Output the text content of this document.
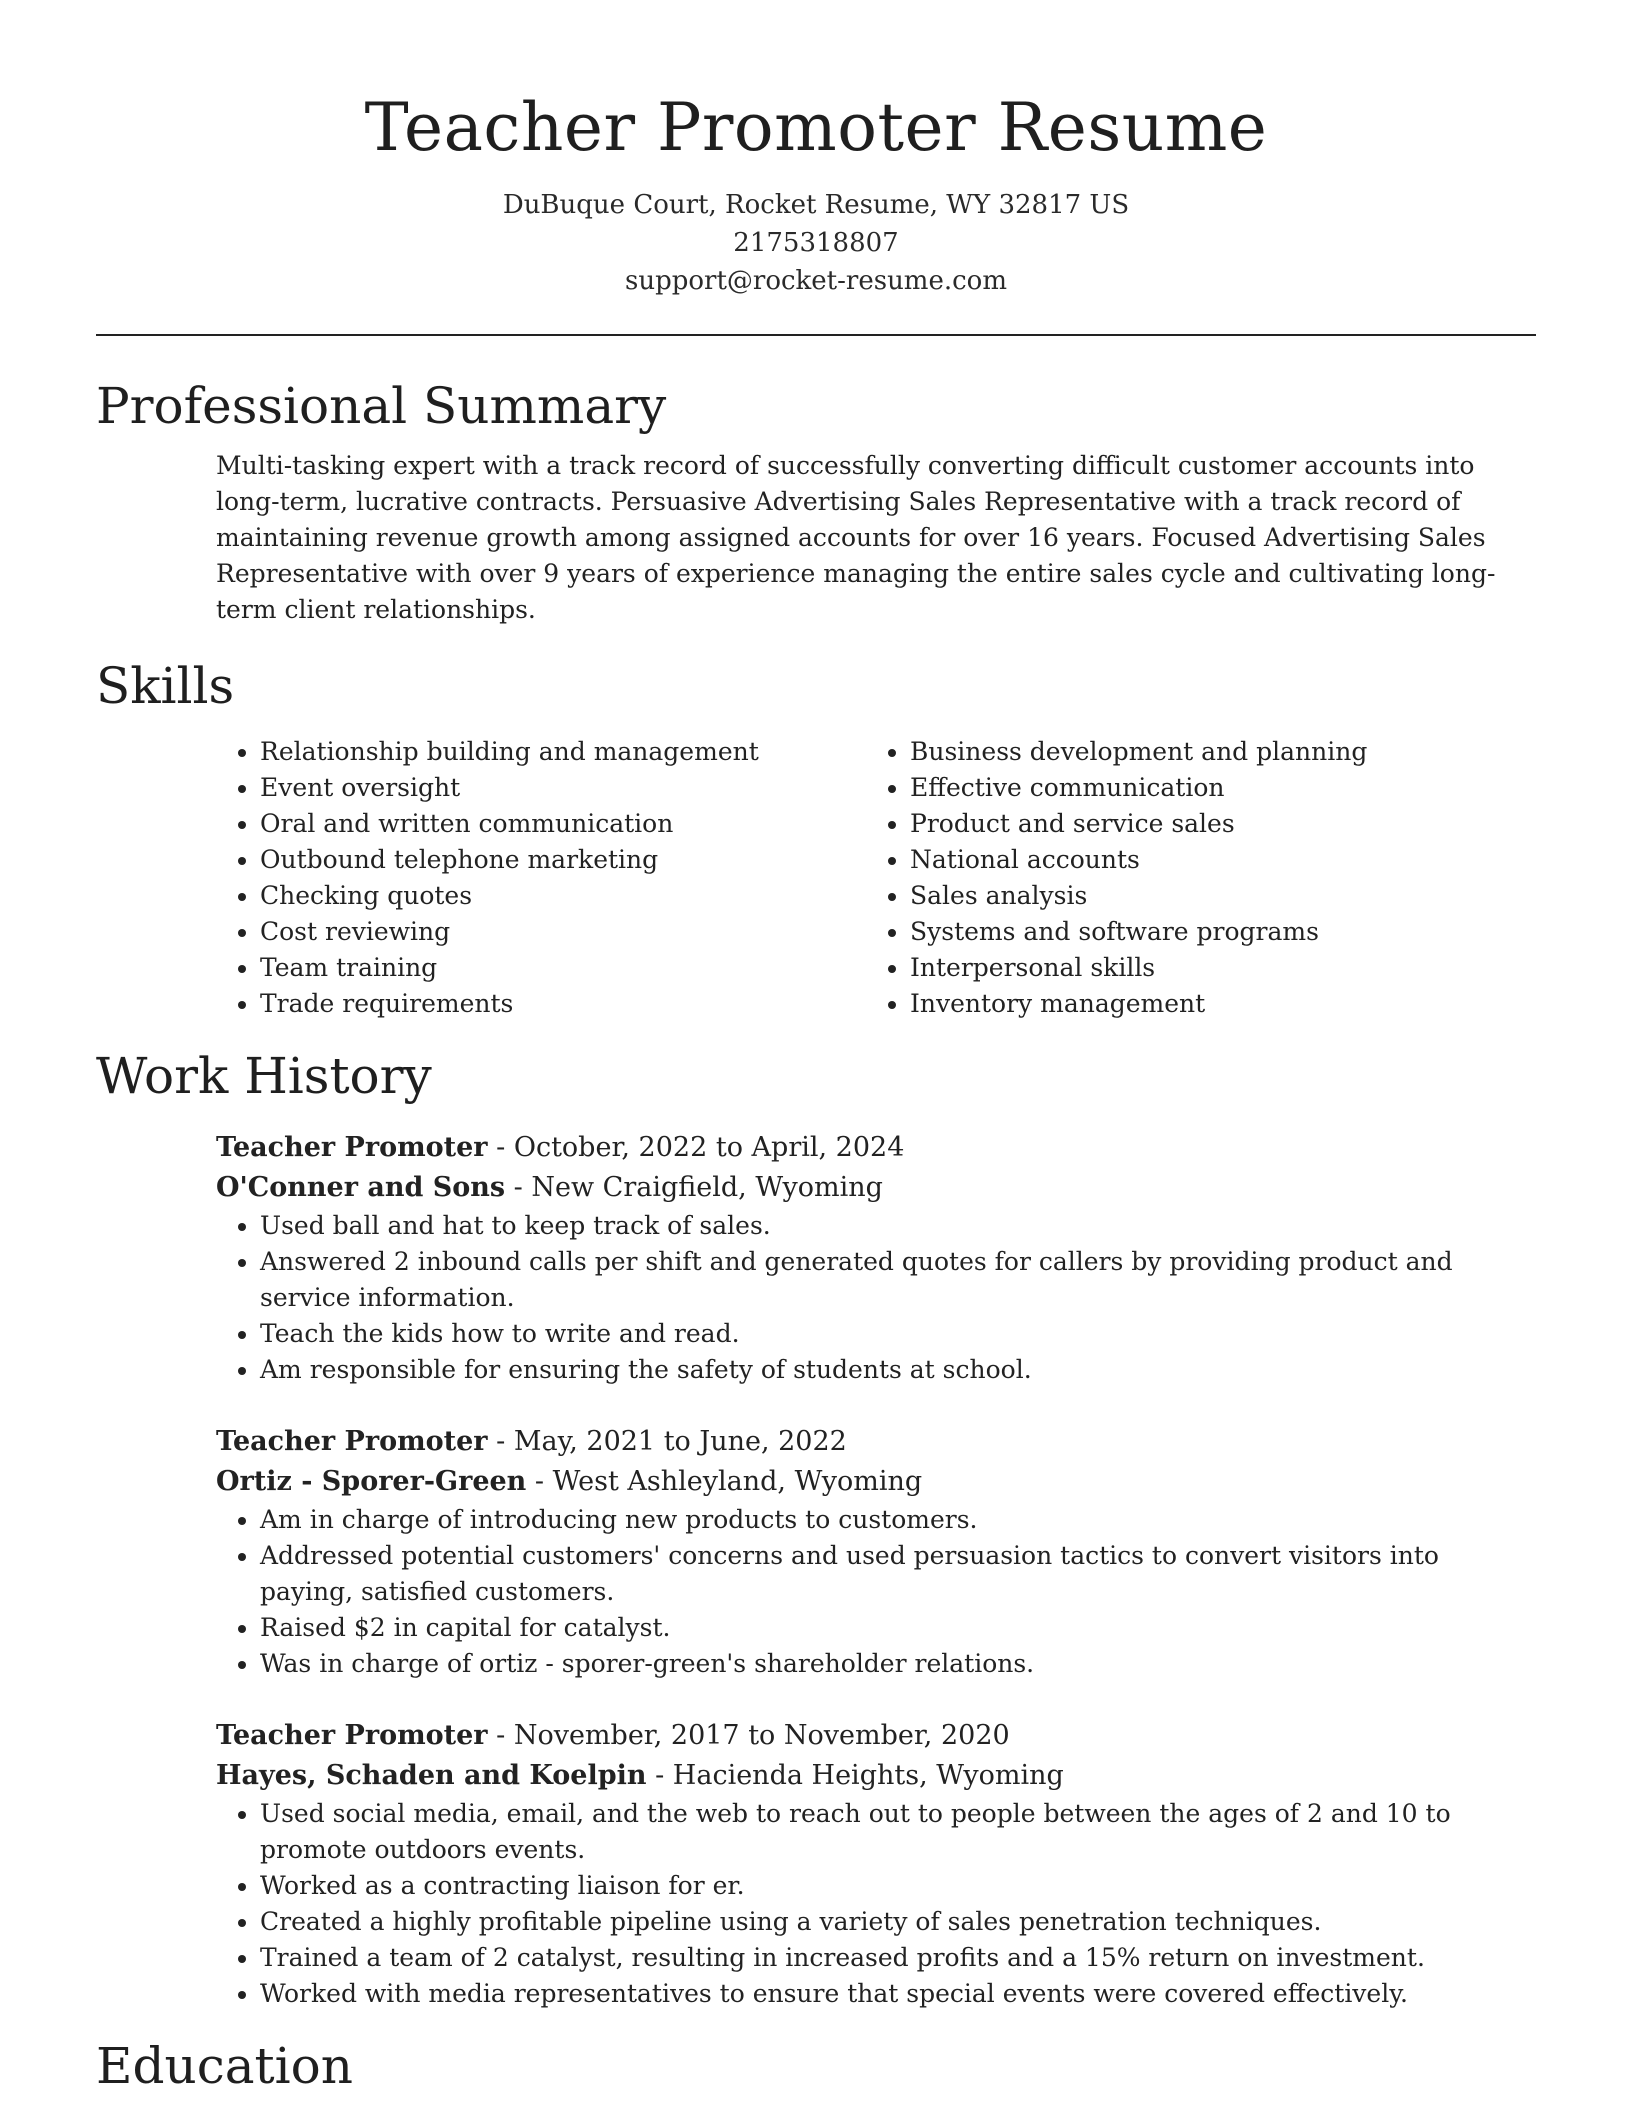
Teacher Promoter Resume
DuBuque Court, Rocket Resume, WY 32817 US
2175318807
support@rocket-resume.com
Professional Summary
Multi-tasking expert with a track record of successfully converting difficult customer accounts into long-term, lucrative contracts. Persuasive Advertising Sales Representative with a track record of maintaining revenue growth among assigned accounts for over 16 years. Focused Advertising Sales Representative with over 9 years of experience managing the entire sales cycle and cultivating long-term client relationships.
Skills
• Relationship building and management
• Event oversight
• Oral and written communication
• Outbound telephone marketing
• Checking quotes
• Cost reviewing
• Team training
• Trade requirements
• Business development and planning
• Effective communication
• Product and service sales
• National accounts
• Sales analysis
• Systems and software programs
• Interpersonal skills
• Inventory management
Work History
Teacher Promoter - October, 2022 to April, 2024
O'Conner and Sons - New Craigfield, Wyoming
• Used ball and hat to keep track of sales.
• Answered 2 inbound calls per shift and generated quotes for callers by providing product and service information.
• Teach the kids how to write and read.
• Am responsible for ensuring the safety of students at school.
Teacher Promoter - May, 2021 to June, 2022
Ortiz - Sporer-Green - West Ashleyland, Wyoming
• Am in charge of introducing new products to customers.
• Addressed potential customers' concerns and used persuasion tactics to convert visitors into paying, satisfied customers.
• Raised $2 in capital for catalyst.
• Was in charge of ortiz - sporer-green's shareholder relations.
Teacher Promoter - November, 2017 to November, 2020
Hayes, Schaden and Koelpin - Hacienda Heights, Wyoming
• Used social media, email, and the web to reach out to people between the ages of 2 and 10 to promote outdoors events.
• Worked as a contracting liaison for er.
• Created a highly profitable pipeline using a variety of sales penetration techniques.
• Trained a team of 2 catalyst, resulting in increased profits and a 15% return on investment.
• Worked with media representatives to ensure that special events were covered effectively.
Education
